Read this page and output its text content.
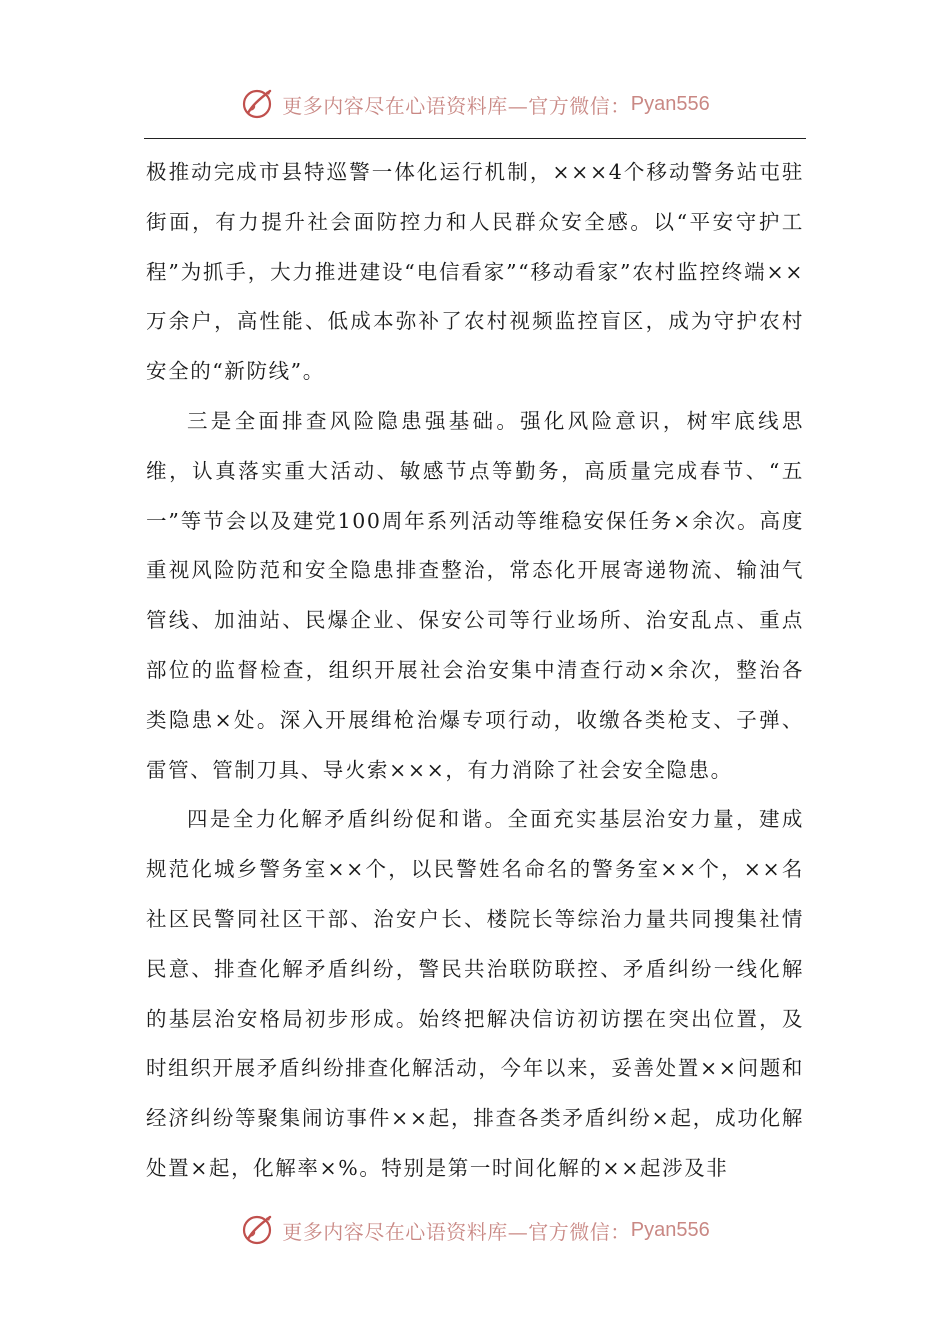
更多内容尽在心语资料库—官方微信： Pyan556

极推动完成市县特巡警一体化运行机制，×××4个移动警务站屯驻街面，有力提升社会面防控力和人民群众安全感。以“平安守护工程”为抓手，大力推进建设“电信看家”“移动看家”农村监控终端××万余户，高性能、低成本弥补了农村视频监控盲区，成为守护农村安全的“新防线”。

三是全面排查风险隐患强基础。强化风险意识，树牢底线思维，认真落实重大活动、敏感节点等勤务，高质量完成春节、“五一”等节会以及建党100周年系列活动等维稳安保任务×余次。高度重视风险防范和安全隐患排查整治，常态化开展寄递物流、输油气管线、加油站、民爆企业、保安公司等行业场所、治安乱点、重点部位的监督检查，组织开展社会治安集中清查行动×余次，整治各类隐患×处。深入开展缉枪治爆专项行动，收缴各类枪支、子弹、雷管、管制刀具、导火索×××，有力消除了社会安全隐患。

四是全力化解矛盾纠纷促和谐。全面充实基层治安力量，建成规范化城乡警务室××个，以民警姓名命名的警务室××个，××名社区民警同社区干部、治安户长、楼院长等综治力量共同搜集社情民意、排查化解矛盾纠纷，警民共治联防联控、矛盾纠纷一线化解的基层治安格局初步形成。始终把解决信访初访摆在突出位置，及时组织开展矛盾纠纷排查化解活动，今年以来，妥善处置××问题和经济纠纷等聚集闹访事件××起，排查各类矛盾纠纷×起，成功化解处置×起，化解率×%。特别是第一时间化解的××起涉及非

更多内容尽在心语资料库—官方微信： Pyan556
